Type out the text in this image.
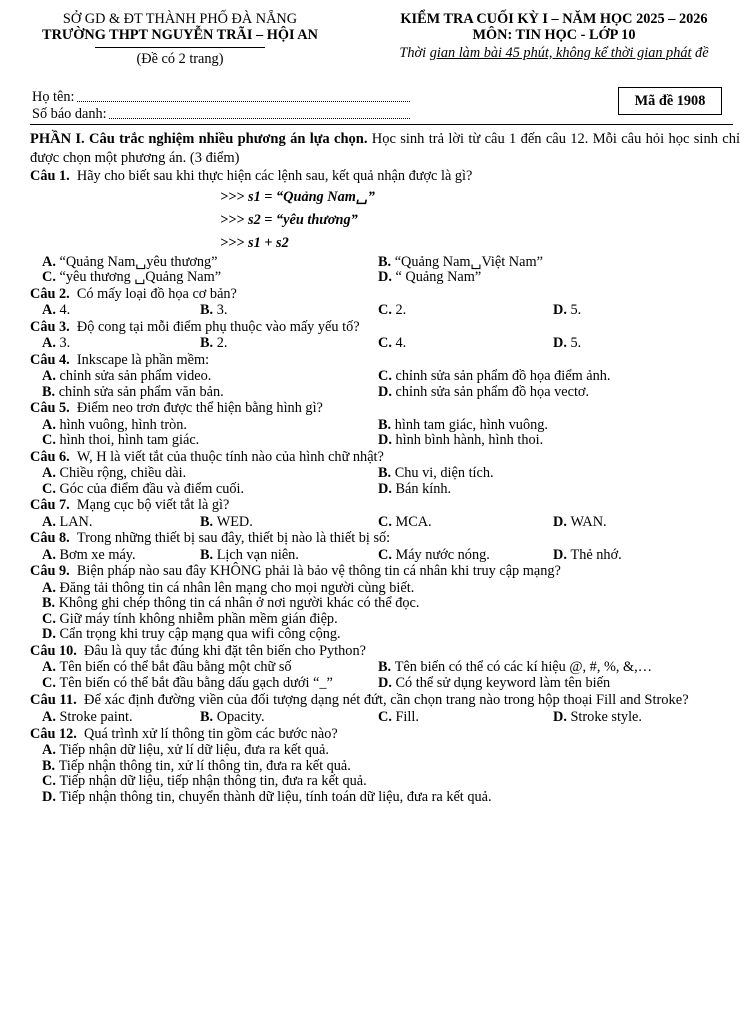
SỞ GD & ĐT THÀNH PHỐ ĐÀ NẴNG
TRƯỜNG THPT NGUYỄN TRÃI – HỘI AN
(Đề có 2 trang)
KIỂM TRA CUỐI KỲ I – NĂM HỌC 2025 – 2026
MÔN: TIN HỌC - LỚP 10
Thời gian làm bài 45 phút, không kể thời gian phát đề
Họ tên:
Số báo danh:
Mã đề 1908
PHẦN I. Câu trắc nghiệm nhiều phương án lựa chọn. Học sinh trả lời từ câu 1 đến câu 12. Mỗi câu hỏi học sinh chỉ được chọn một phương án. (3 điểm)
Câu 1. Hãy cho biết sau khi thực hiện các lệnh sau, kết quả nhận được là gì?
>>> s1 = “Quảng Nam␣”
>>> s2 = “yêu thương”
>>> s1 + s2
A. “Quảng Nam␣yêu thương”	B. “Quảng Nam␣Việt Nam”
C. “yêu thương ␣Quảng Nam”	D. “ Quảng Nam”
Câu 2. Có mấy loại đồ họa cơ bản?
A. 4.	B. 3.	C. 2.	D. 5.
Câu 3. Độ cong tại mỗi điểm phụ thuộc vào mấy yếu tố?
A. 3.	B. 2.	C. 4.	D. 5.
Câu 4. Inkscape là phần mềm:
A. chỉnh sửa sản phẩm video.	C. chỉnh sửa sản phẩm đồ họa điểm ảnh.
B. chỉnh sửa sản phẩm văn bản.	D. chỉnh sửa sản phẩm đồ họa vectơ.
Câu 5. Điểm neo trơn được thể hiện bằng hình gì?
A. hình vuông, hình tròn.	B. hình tam giác, hình vuông.
C. hình thoi, hình tam giác.	D. hình bình hành, hình thoi.
Câu 6. W, H là viết tắt của thuộc tính nào của hình chữ nhật?
A. Chiều rộng, chiều dài.	B. Chu vi, diện tích.
C. Góc của điểm đầu và điểm cuối.	D. Bán kính.
Câu 7. Mạng cục bộ viết tắt là gì?
A. LAN.	B. WED.	C. MCA.	D. WAN.
Câu 8. Trong những thiết bị sau đây, thiết bị nào là thiết bị số:
A. Bơm xe máy.	B. Lịch vạn niên.	C. Máy nước nóng.	D. Thẻ nhớ.
Câu 9. Biện pháp nào sau đây KHÔNG phải là bảo vệ thông tin cá nhân khi truy cập mạng?
A. Đăng tải thông tin cá nhân lên mạng cho mọi người cùng biết.
B. Không ghi chép thông tin cá nhân ở nơi người khác có thể đọc.
C. Giữ máy tính không nhiễm phần mềm gián điệp.
D. Cẩn trọng khi truy cập mạng qua wifi công cộng.
Câu 10. Đâu là quy tắc đúng khi đặt tên biến cho Python?
A. Tên biến có thể bắt đầu bằng một chữ số	B. Tên biến có thể có các kí hiệu @, #, %, &,…
C. Tên biến có thể bắt đầu bằng dấu gạch dưới “_”	D. Có thể sử dụng keyword làm tên biến
Câu 11. Để xác định đường viền của đối tượng dạng nét đứt, cần chọn trang nào trong hộp thoại Fill and Stroke?
A. Stroke paint.	B. Opacity.	C. Fill.	D. Stroke style.
Câu 12. Quá trình xử lí thông tin gồm các bước nào?
A. Tiếp nhận dữ liệu, xử lí dữ liệu, đưa ra kết quả.
B. Tiếp nhận thông tin, xử lí thông tin, đưa ra kết quả.
C. Tiếp nhận dữ liệu, tiếp nhận thông tin, đưa ra kết quả.
D. Tiếp nhận thông tin, chuyển thành dữ liệu, tính toán dữ liệu, đưa ra kết quả.
